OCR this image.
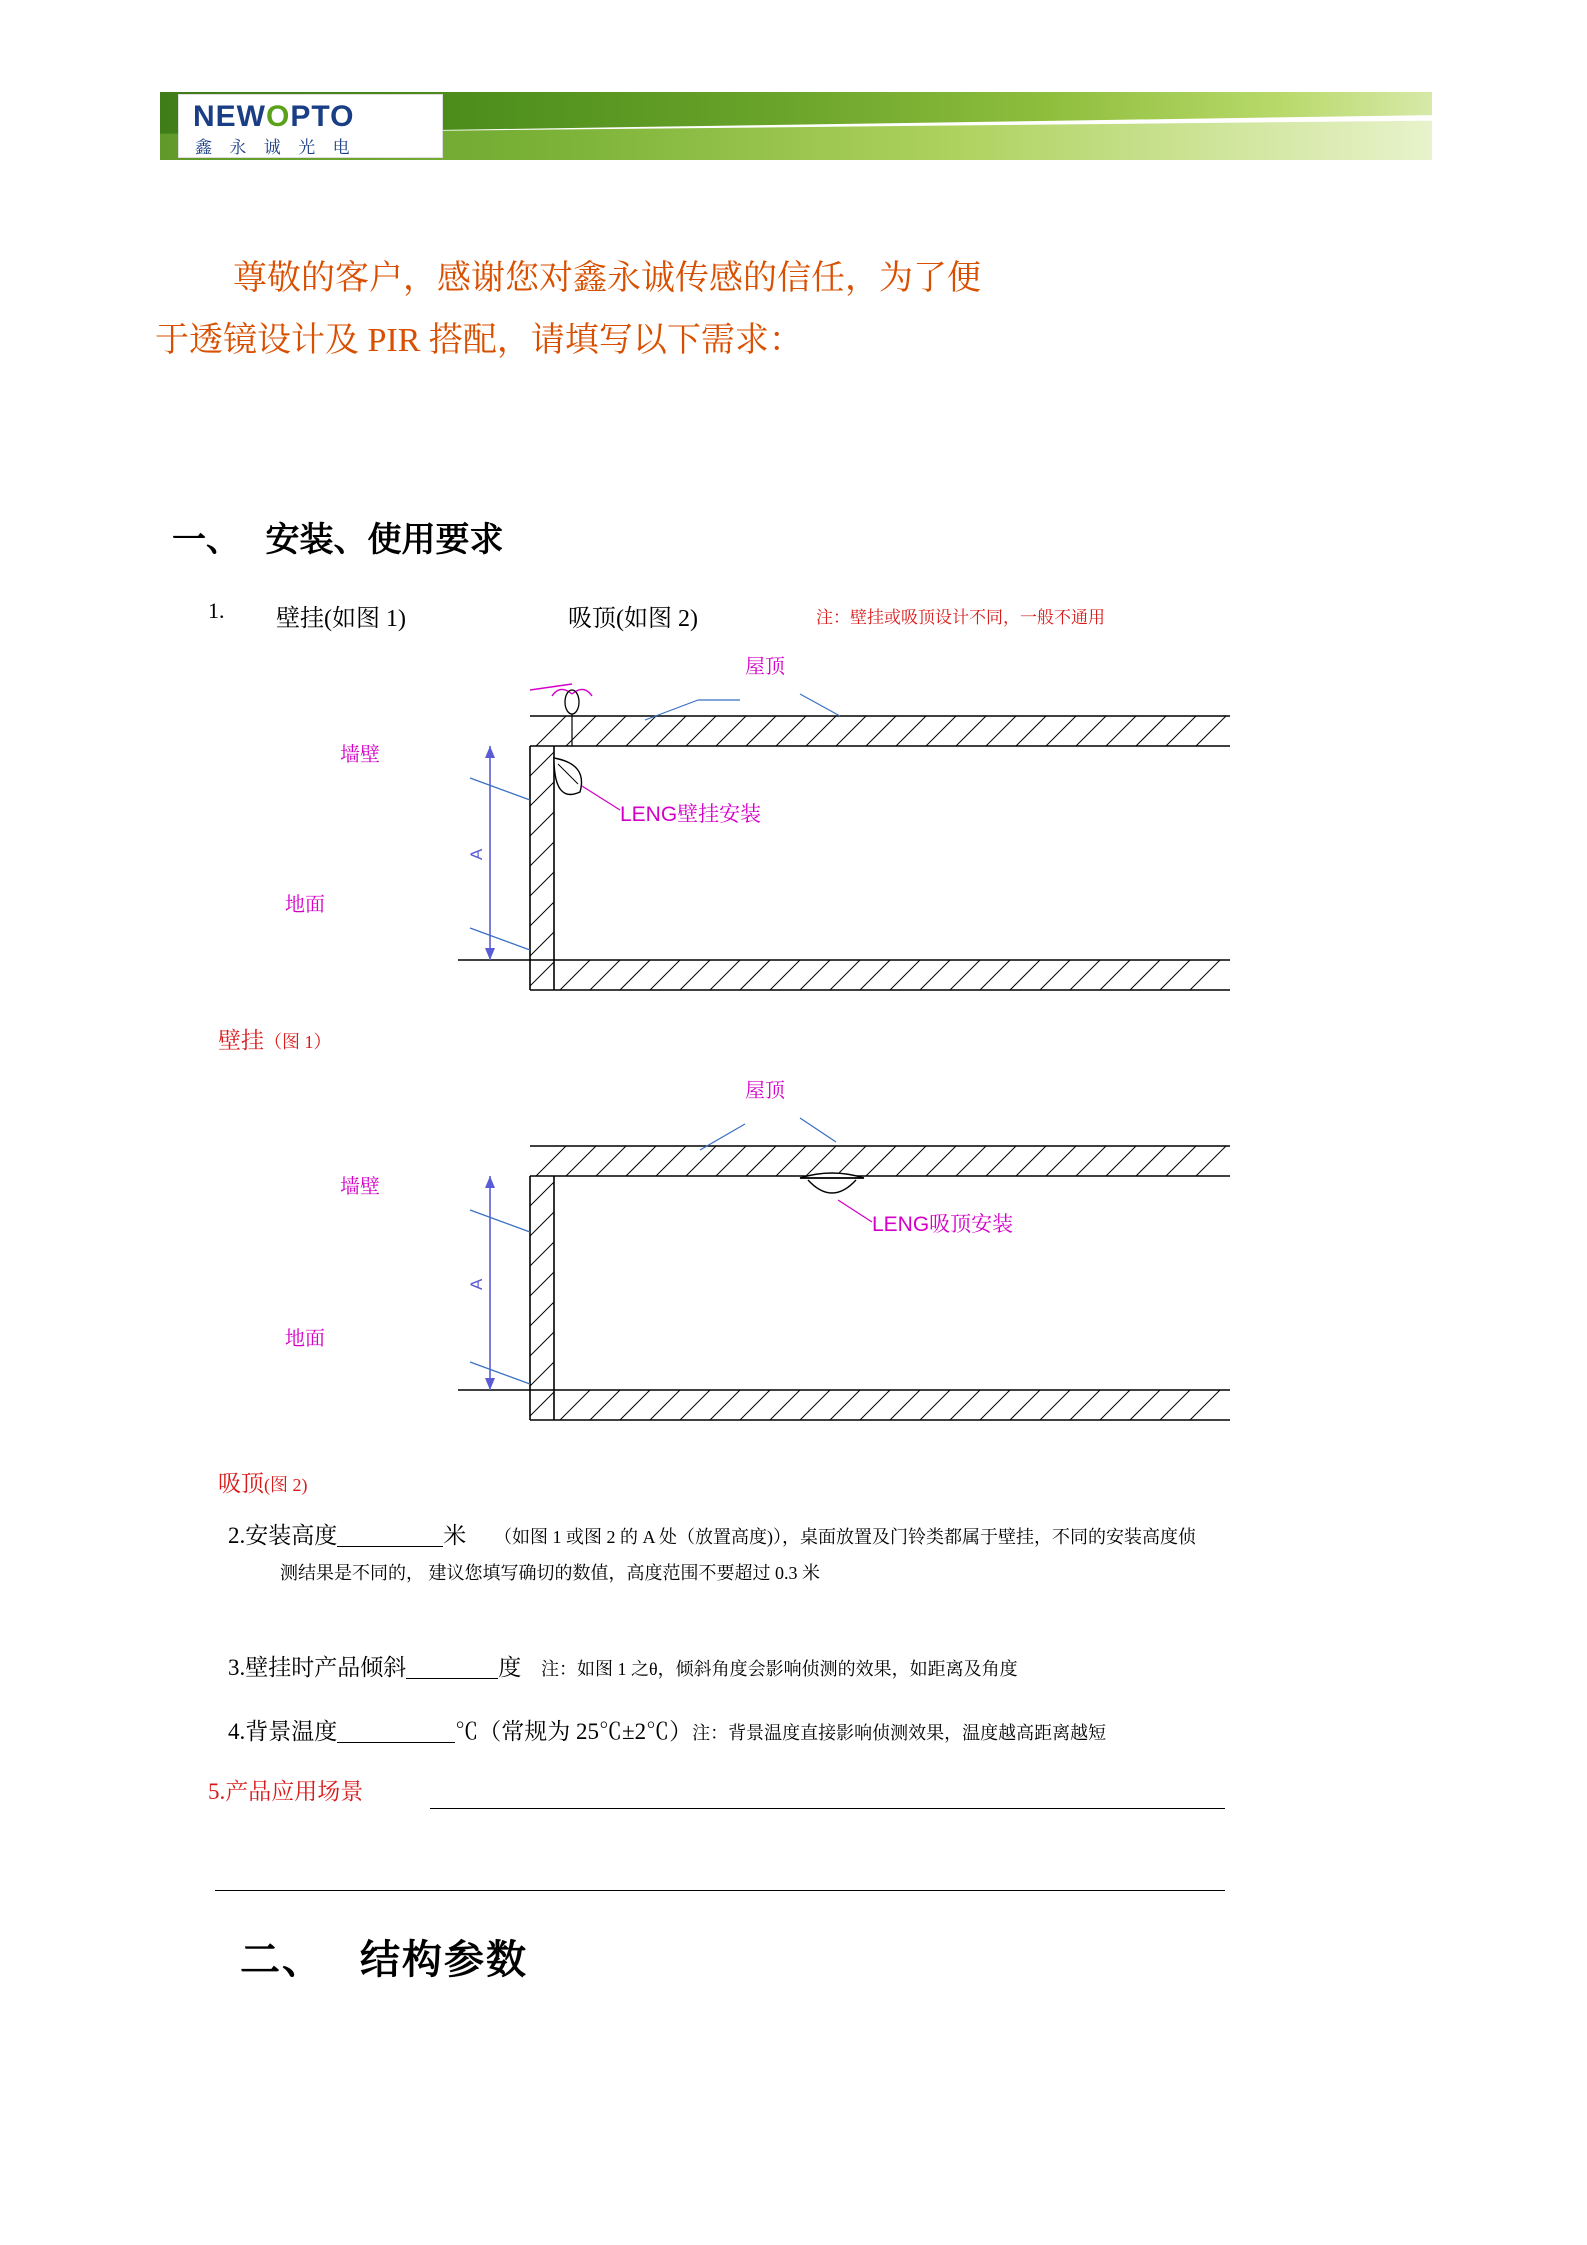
NEWOPTO
鑫 永 诚 光 电
尊敬的客户，感谢您对鑫永诚传感的信任，为了便
于透镜设计及 PIR 搭配，请填写以下需求：
一、 安装、使用要求
1. 壁挂(如图 1)	吸顶(如图 2)	注：壁挂或吸顶设计不同，一般不通用
A
屋顶
墙壁
地面
LENG壁挂安装
壁挂（图 1）
A
屋顶
墙壁
地面
LENG吸顶安装
吸顶(图 2)
2.安装高度	米 （如图 1 或图 2 的 A 处（放置高度)），桌面放置及门铃类都属于壁挂，不同的安装高度侦
测结果是不同的， 建议您填写确切的数值，高度范围不要超过 0.3 米
3.壁挂时产品倾斜	度 注：如图 1 之θ，倾斜角度会影响侦测的效果，如距离及角度
4.背景温度	℃（常规为 25℃±2℃）注：背景温度直接影响侦测效果，温度越高距离越短
5.产品应用场景
二、 结构参数
